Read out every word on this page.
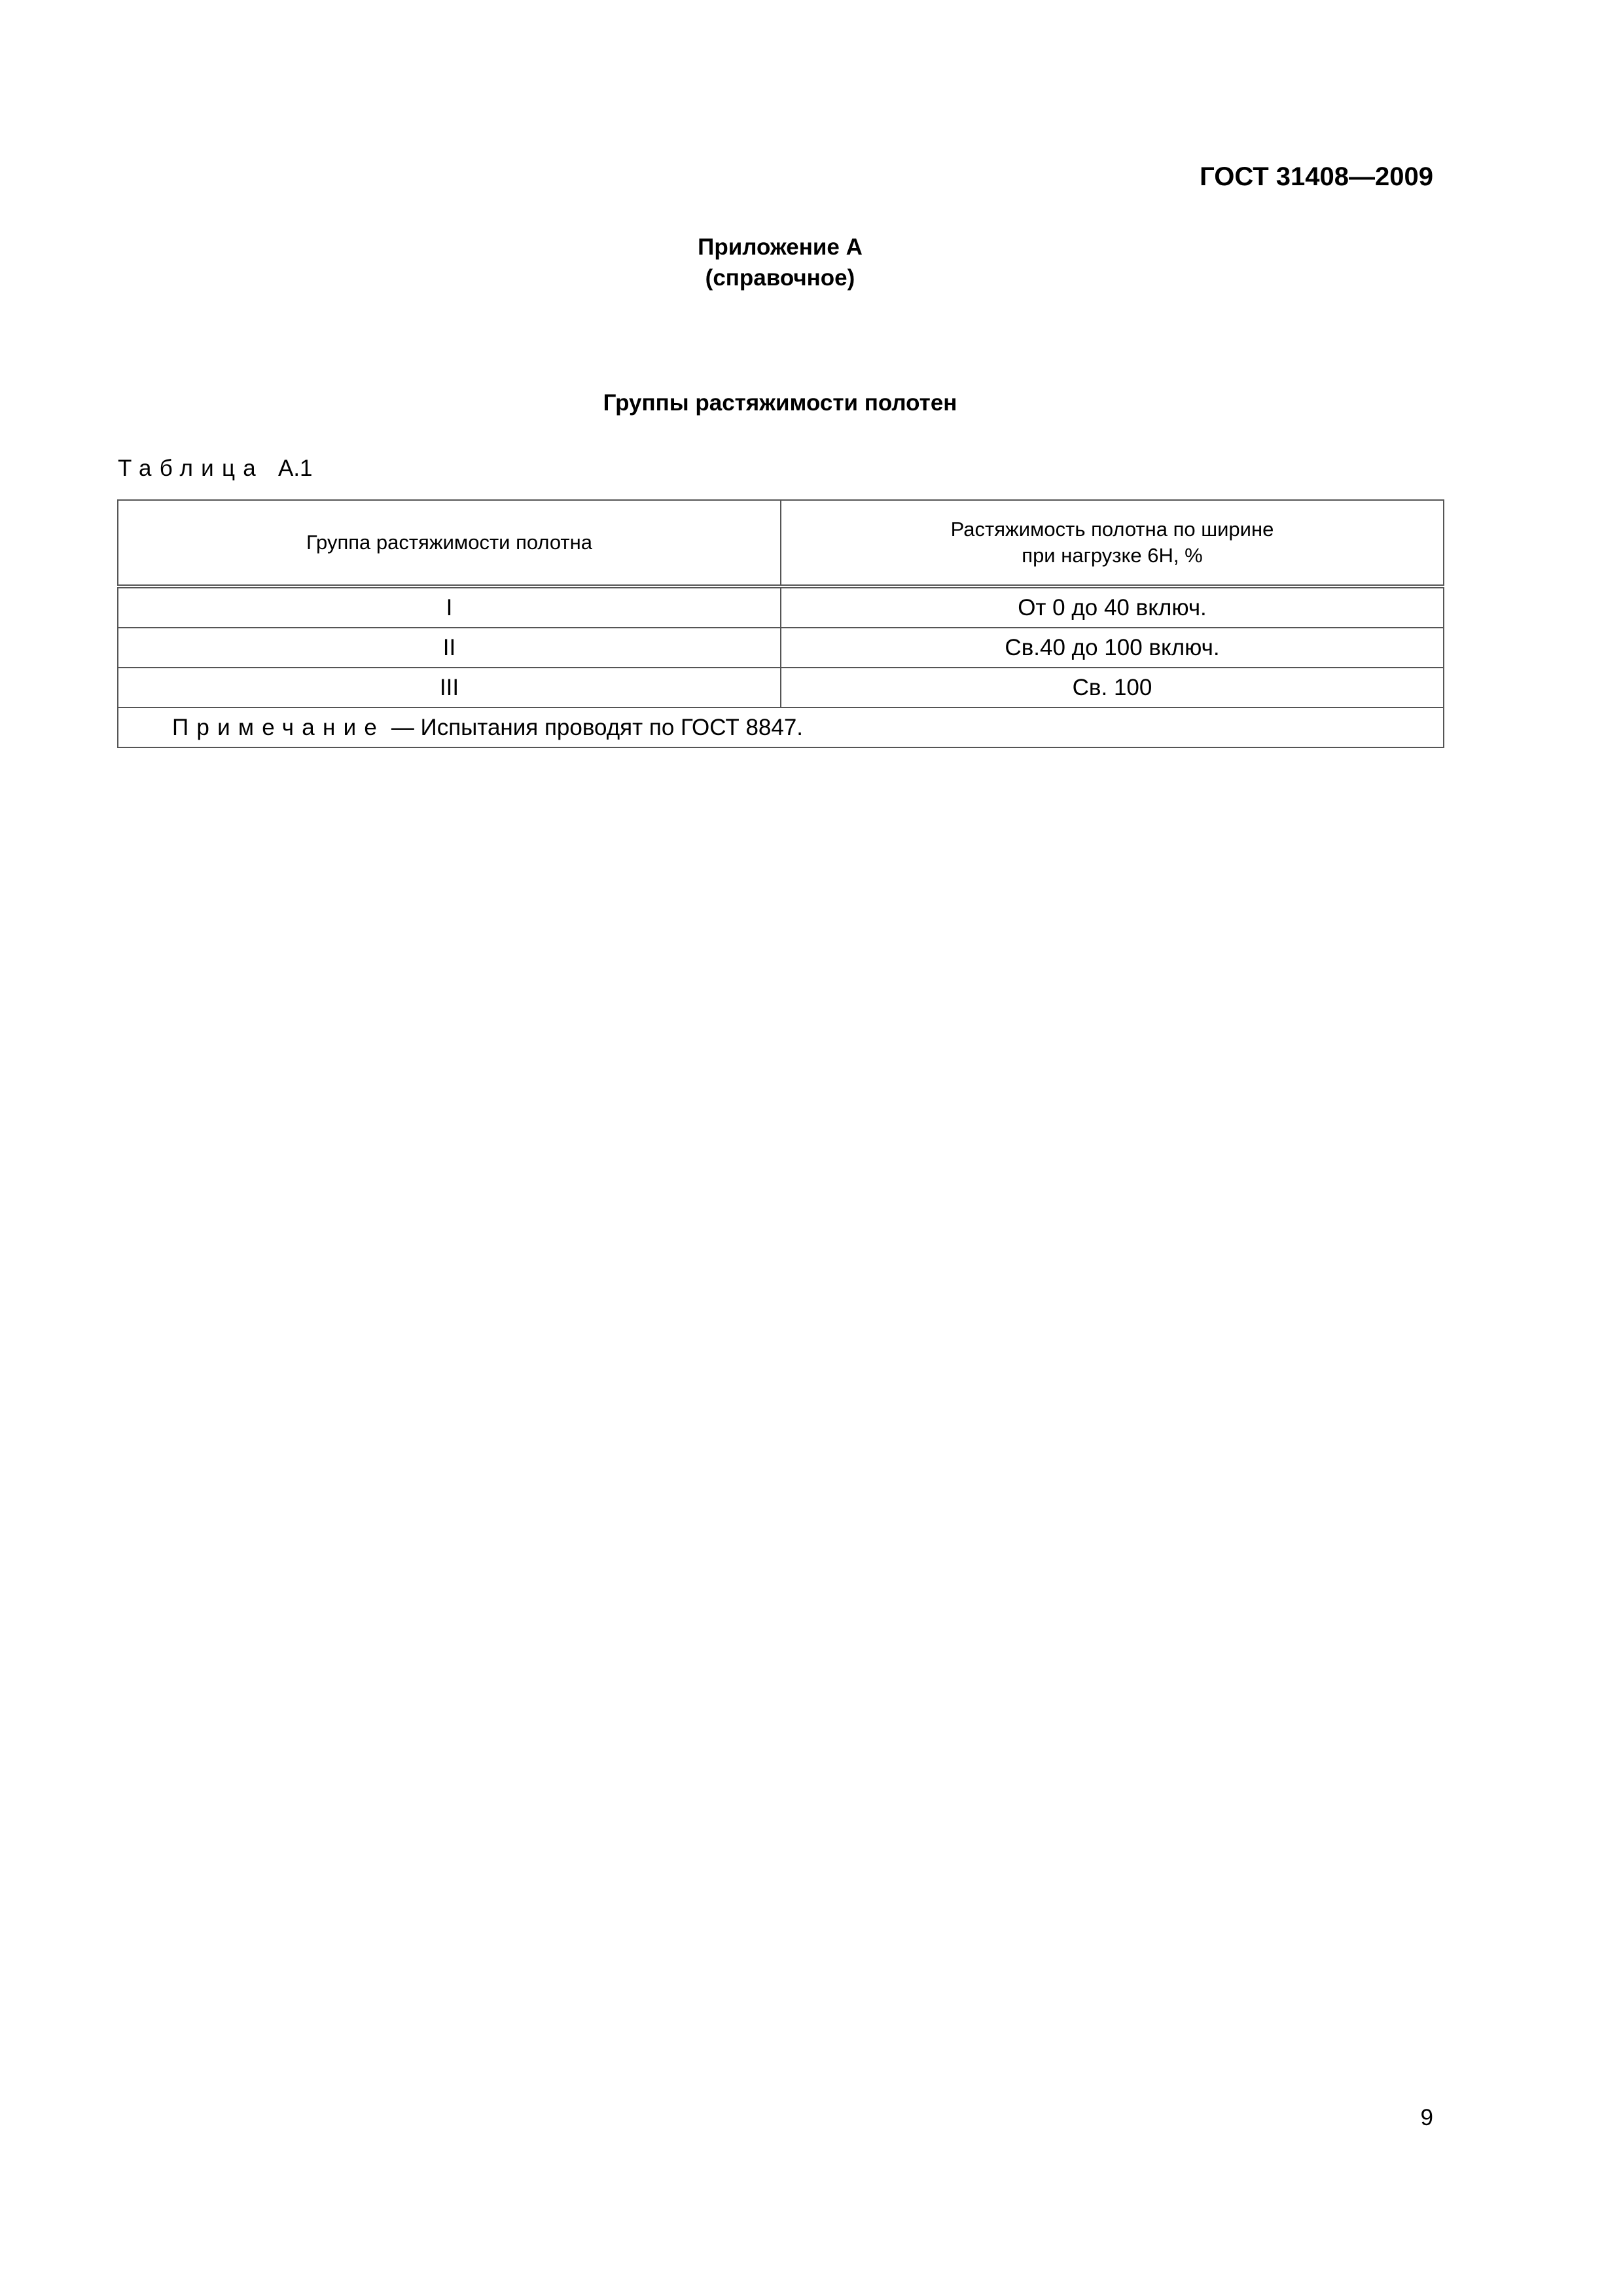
ГОСТ 31408—2009
Приложение А
(справочное)
Группы растяжимости полотен
Таблица А.1
Группа растяжимости полотна	Растяжимость полотна по ширине
при нагрузке 6Н, %
I	От 0 до 40 включ.
II	Св.40 до 100 включ.
III	Св. 100
Примечание — Испытания проводят по ГОСТ 8847.	
9
